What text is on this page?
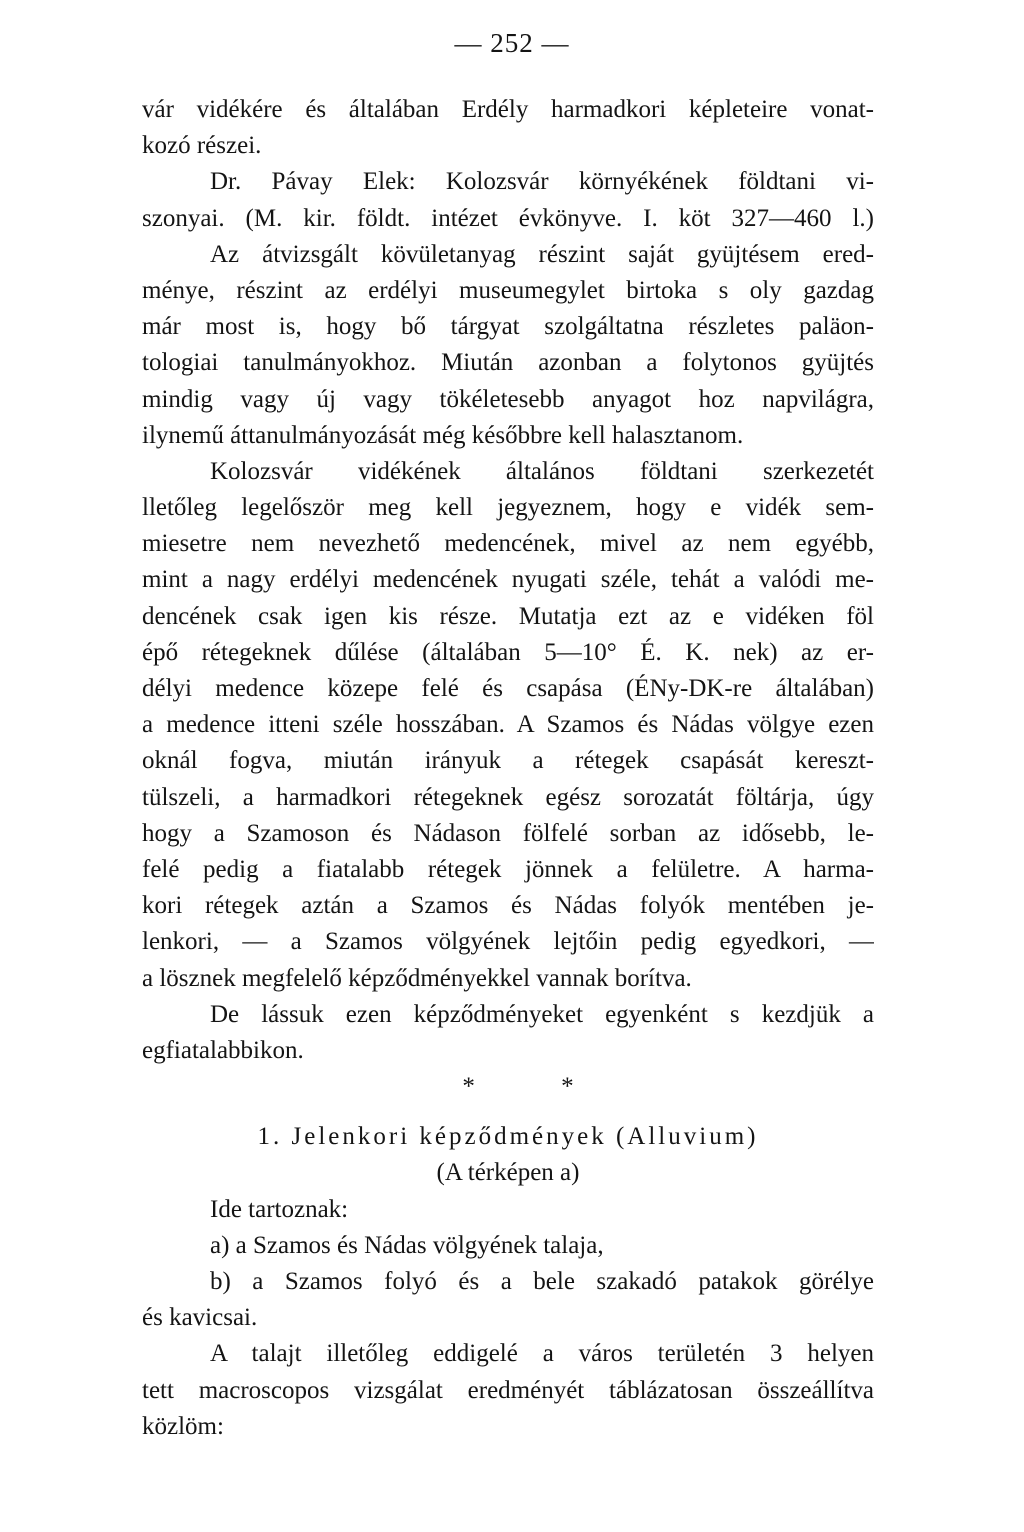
— 252 —
vár vidékére és általában Erdély harmadkori képleteire vonat-
kozó részei.
Dr. Pávay Elek: Kolozsvár környékének földtani vi-
szonyai. (M. kir. földt. intézet évkönyve. I. köt 327—460 l.)
Az átvizsgált kövületanyag részint saját gyüjtésem ered-
ménye, részint az erdélyi museumegylet birtoka s oly gazdag
már most is, hogy bő tárgyat szolgáltatna részletes paläon-
tologiai tanulmányokhoz. Miután azonban a folytonos gyüjtés
mindig vagy új vagy tökéletesebb anyagot hoz napvilágra,
ilynemű áttanulmányozását még későbbre kell halasztanom.
Kolozsvár vidékének általános földtani szerkezetét
lletőleg legelőször meg kell jegyeznem, hogy e vidék sem-
miesetre nem nevezhető medencének, mivel az nem egyébb,
mint a nagy erdélyi medencének nyugati széle, tehát a valódi me-
dencének csak igen kis része. Mutatja ezt az e vidéken föl
épő rétegeknek dűlése (általában 5—10° É. K. nek) az er-
délyi medence közepe felé és csapása (ÉNy-DK-re általában)
a medence itteni széle hosszában. A Szamos és Nádas völgye ezen
oknál fogva, miután irányuk a rétegek csapását kereszt-
tülszeli, a harmadkori rétegeknek egész sorozatát föltárja, úgy
hogy a Szamoson és Nádason fölfelé sorban az idősebb, le-
felé pedig a fiatalabb rétegek jönnek a felületre. A harma-
kori rétegek aztán a Szamos és Nádas folyók mentében je-
lenkori, — a Szamos völgyének lejtőin pedig egyedkori, —
a lösznek megfelelő képződményekkel vannak borítva.
De lássuk ezen képződményeket egyenként s kezdjük a
egfiatalabbikon.
* *
1. Jelenkori képződmények (Alluvium)
(A térképen a)
Ide tartoznak:
a) a Szamos és Nádas völgyének talaja,
b) a Szamos folyó és a bele szakadó patakok görélye
és kavicsai.
A talajt illetőleg eddigelé a város területén 3 helyen
tett macroscopos vizsgálat eredményét táblázatosan összeállítva
közlöm:
